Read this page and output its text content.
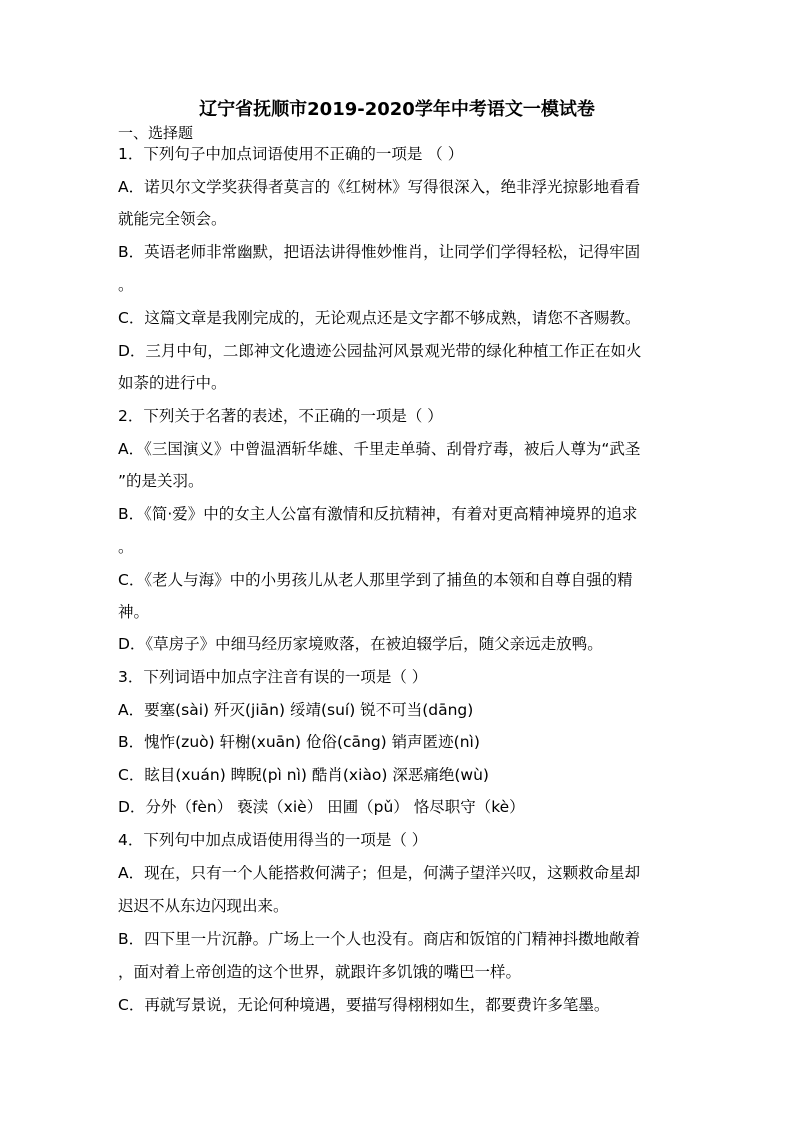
辽宁省抚顺市2019-2020学年中考语文一模试卷
一、选择题
1．下列句子中加点词语使用不正确的一项是 （ ）
A．诺贝尔文学奖获得者莫言的《红树林》写得很深入，绝非浮光掠影地看看
就能完全领会。
B．英语老师非常幽默，把语法讲得惟妙惟肖，让同学们学得轻松，记得牢固
。
C．这篇文章是我刚完成的，无论观点还是文字都不够成熟，请您不吝赐教。
D．三月中旬，二郎神文化遗迹公园盐河风景观光带的绿化种植工作正在如火
如荼的进行中。
2．下列关于名著的表述，不正确的一项是（ ）
A．《三国演义》中曾温酒斩华雄、千里走单骑、刮骨疗毒，被后人尊为“武圣
”的是关羽。
B．《简·爱》中的女主人公富有激情和反抗精神，有着对更高精神境界的追求
。
C．《老人与海》中的小男孩儿从老人那里学到了捕鱼的本领和自尊自强的精
神。
D．《草房子》中细马经历家境败落，在被迫辍学后，随父亲远走放鸭。
3．下列词语中加点字注音有误的一项是（ ）
A．要塞(sài) 歼灭(jiān) 绥靖(suí) 锐不可当(dāng)
B．愧怍(zuò) 轩榭(xuān) 伧俗(cāng) 销声匿迹(nì)
C．眩目(xuán) 睥睨(pì nì) 酷肖(xiào) 深恶痛绝(wù)
D．分外（fèn） 亵渎（xiè） 田圃（pǔ） 恪尽职守（kè）
4．下列句中加点成语使用得当的一项是（ ）
A．现在，只有一个人能搭救何满子；但是，何满子望洋兴叹，这颗救命星却
迟迟不从东边闪现出来。
B．四下里一片沉静。广场上一个人也没有。商店和饭馆的门精神抖擞地敞着
，面对着上帝创造的这个世界，就跟许多饥饿的嘴巴一样。
C．再就写景说，无论何种境遇，要描写得栩栩如生，都要费许多笔墨。
